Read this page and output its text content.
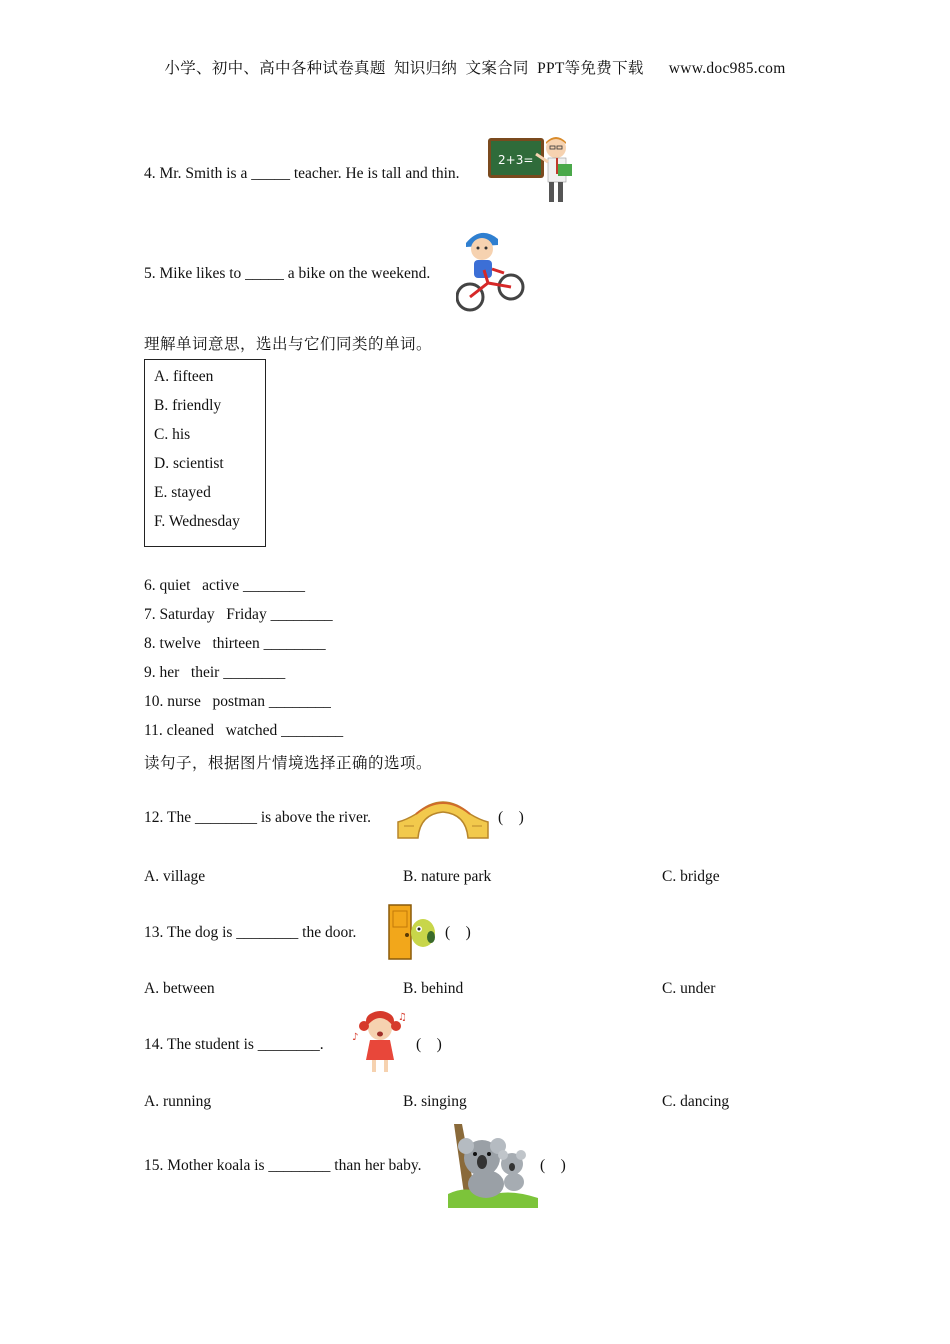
小学、初中、高中各种试卷真题  知识归纳  文案合同  PPT等免费下载      www.doc985.com
4. Mr. Smith is a _____ teacher. He is tall and thin.
2+3=
5. Mike likes to _____ a bike on the weekend.
理解单词意思，选出与它们同类的单词。
A. fifteen
B. friendly
C. his
D. scientist
E. stayed
F. Wednesday
6. quiet   active ________
7. Saturday   Friday ________
8. twelve   thirteen ________
9. her   their ________
10. nurse   postman ________
11. cleaned   watched ________
读句子，根据图片情境选择正确的选项。
12. The ________ is above the river.	(    )
A. village	B. nature park	C. bridge
13. The dog is ________ the door.	(    )
A. between	B. behind	C. under
14. The student is ________.	♪
♫
(    )
A. running	B. singing	C. dancing
15. Mother koala is ________ than her baby.	(    )
